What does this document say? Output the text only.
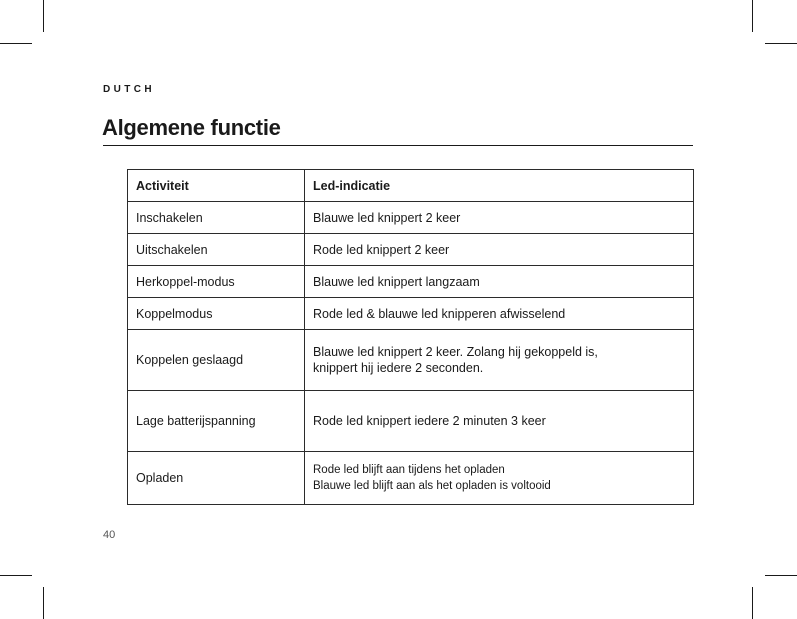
DUTCH
Algemene functie
Activiteit	Led-indicatie
Inschakelen	Blauwe led knippert 2 keer
Uitschakelen	Rode led knippert 2 keer
Herkoppel-modus	Blauwe led knippert langzaam
Koppelmodus	Rode led & blauwe led knipperen afwisselend
Koppelen geslaagd	Blauwe led knippert 2 keer. Zolang hij gekoppeld is,
knippert hij iedere 2 seconden.

Lage batterijspanning	Rode led knippert iedere 2 minuten 3 keer
Opladen	Rode led blijft aan tijdens het opladen
Blauwe led blijft aan als het opladen is voltooid
40
